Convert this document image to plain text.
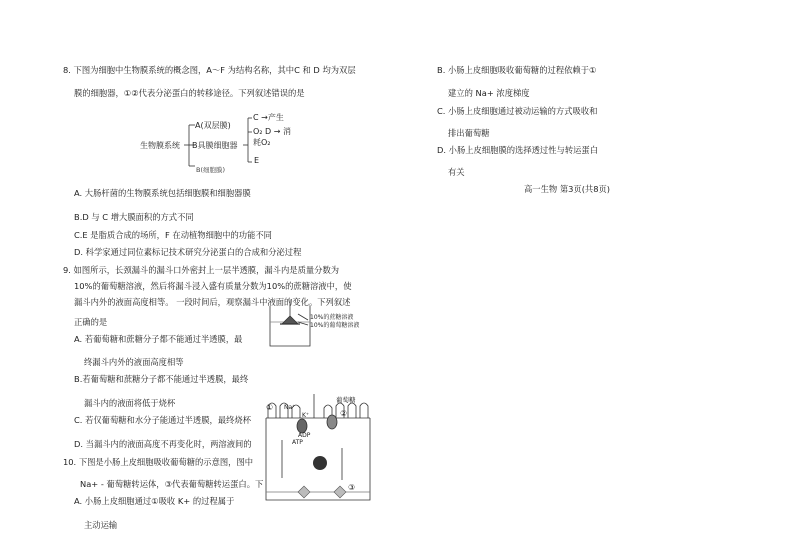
8. 下图为细胞中生物膜系统的概念图，A～F 为结构名称，其中C 和 D 均为双层
膜的细胞器，①②代表分泌蛋白的转移途径。下列叙述错误的是
生物膜系统
A(双层膜)
B具膜细胞器
C →产生
O₂ D → 消
耗O₂
E
B(细胞膜)
A. 大肠杆菌的生物膜系统包括细胞膜和细胞器膜
B.D 与 C 增大膜面积的方式不同
C.E 是脂质合成的场所，F 在动植物细胞中的功能不同
D. 科学家通过同位素标记技术研究分泌蛋白的合成和分泌过程
9. 如图所示，长颈漏斗的漏斗口外密封上一层半透膜，漏斗内是质量分数为
10%的葡萄糖溶液，然后将漏斗浸入盛有质量分数为10%的蔗糖溶液中，使
漏斗内外的液面高度相等。 一段时间后，观察漏斗中液面的变化。下列叙述
正确的是	10%的蔗糖溶液
10%的葡萄糖溶液
A. 若葡萄糖和蔗糖分子都不能通过半透膜，最
终漏斗内外的液面高度相等
B.若葡萄糖和蔗糖分子都不能通过半透膜，最终
漏斗内的液面将低于烧杯
C. 若仅葡萄糖和水分子能通过半透膜，最终烧杯
D. 当漏斗内的液面高度不再变化时，两溶液间的
10. 下图是小肠上皮细胞吸收葡萄糖的示意图，图中
Na+ - 葡萄糖转运体，③代表葡萄糖转运蛋白。下
A. 小肠上皮细胞通过①吸收 K+ 的过程属于
主动运输
① Na⁺
K⁺
葡萄糖
②
ADP
ATP
③
B. 小肠上皮细胞吸收葡萄糖的过程依赖于①
建立的 Na+ 浓度梯度
C. 小肠上皮细胞通过被动运输的方式吸收和
排出葡萄糖
D. 小肠上皮细胞膜的选择透过性与转运蛋白
有关
高一生物 第3页(共8页)
